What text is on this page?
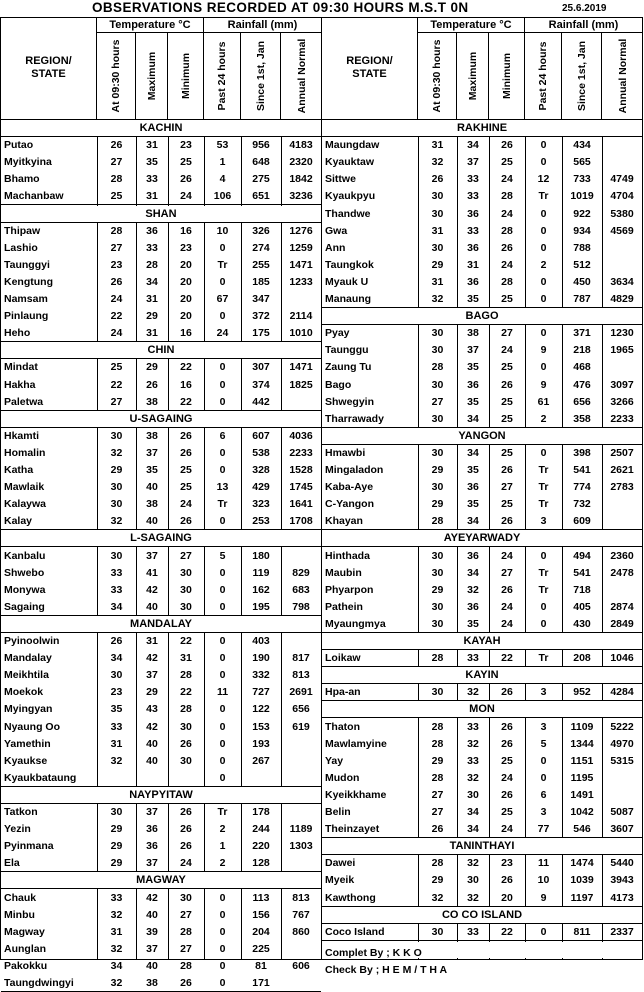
OBSERVATIONS RECORDED AT 09:30 HOURS M.S.T 0N	25.6.2019
REGION/
STATE
Temperature °C	Rainfall (mm)
At 09:30 hours Maximum Minimum Past 24 hours	Since 1st, Jan	Annual Normal
KACHIN
Putao	26	31	23	53	956	4183
Myitkyina	27	35	25	1	648	2320
Bhamo	28	33	26	4	275	1842
Machanbaw	25	31	24	106	651	3236
SHAN
Thipaw	28	36	16	10	326	1276
Lashio	27	33	23	0	274	1259
Taunggyi	23	28	20	Tr	255	1471
Kengtung	26	34	20	0	185	1233
Namsam	24	31	20	67	347
Pinlaung	22	29	20	0	372	2114
Heho	24	31	16	24	175	1010
CHIN
Mindat	25	29	22	0	307	1471
Hakha	22	26	16	0	374	1825
Paletwa	27	38	22	0	442
U-SAGAING
Hkamti	30	38	26	6	607	4036
Homalin	32	37	26	0	538	2233
Katha	29	35	25	0	328	1528
Mawlaik	30	40	25	13	429	1745
Kalaywa	30	38	24	Tr	323	1641
Kalay	32	40	26	0	253	1708
L-SAGAING
Kanbalu	30	37	27	5	180
Shwebo	33	41	30	0	119	829
Monywa	33	42	30	0	162	683
Sagaing	34	40	30	0	195	798
MANDALAY
Pyinoolwin	26	31	22	0	403
Mandalay	34	42	31	0	190	817
Meikhtila	30	37	28	0	332	813
Moekok	23	29	22	11	727	2691
Myingyan	35	43	28	0	122	656
Nyaung Oo	33	42	30	0	153	619
Yamethin	31	40	26	0	193
Kyaukse	32	40	30	0	267
Kyaukbataung	0
NAYPYITAW
Tatkon	30	37	26	Tr	178
Yezin	29	36	26	2	244	1189
Pyinmana	29	36	26	1	220	1303
Ela	29	37	24	2	128
MAGWAY
Chauk	33	42	30	0	113	813
Minbu	32	40	27	0	156	767
Magway	31	39	28	0	204	860
Aunglan	32	37	27	0	225
Pakokku	34	40	28	0	81	606
Taungdwingyi	32	38	26	0	171
REGION/
STATE
Temperature °C	Rainfall (mm)
At 09:30 hours Maximum Minimum Past 24 hours	Since 1st, Jan	Annual Normal
RAKHINE
Maungdaw	31	34	26	0	434
Kyauktaw	32	37	25	0	565
Sittwe	26	33	24	12	733	4749
Kyaukpyu	30	33	28	Tr	1019	4704
Thandwe	30	36	24	0	922	5380
Gwa	31	33	28	0	934	4569
Ann	30	36	26	0	788
Taungkok	29	31	24	2	512
Myauk U	31	36	28	0	450	3634
Manaung	32	35	25	0	787	4829
BAGO
Pyay	30	38	27	0	371	1230
Taunggu	30	37	24	9	218	1965
Zaung Tu	28	35	25	0	468
Bago	30	36	26	9	476	3097
Shwegyin	27	35	25	61	656	3266
Tharrawady	30	34	25	2	358	2233
YANGON
Hmawbi	30	34	25	0	398	2507
Mingaladon	29	35	26	Tr	541	2621
Kaba-Aye	30	36	27	Tr	774	2783
C-Yangon	29	35	25	Tr	732
Khayan	28	34	26	3	609
AYEYARWADY
Hinthada	30	36	24	0	494	2360
Maubin	30	34	27	Tr	541	2478
Phyarpon	29	32	26	Tr	718
Pathein	30	36	24	0	405	2874
Myaungmya	30	35	24	0	430	2849
KAYAH
Loikaw	28	33	22	Tr	208	1046
KAYIN
Hpa-an	30	32	26	3	952	4284
MON
Thaton	28	33	26	3	1109	5222
Mawlamyine	28	32	26	5	1344	4970
Yay	29	33	25	0	1151	5315
Mudon	28	32	24	0	1195
Kyeikkhame	27	30	26	6	1491
Belin	27	34	25	3	1042	5087
Theinzayet	26	34	24	77	546	3607
TANINTHAYI
Dawei	28	32	23	11	1474	5440
Myeik	29	30	26	10	1039	3943
Kawthong	32	32	20	9	1197	4173
CO CO ISLAND
Coco Island	30	33	22	0	811	2337
Complet By ; K K O
Check By ; H E M / T H A
